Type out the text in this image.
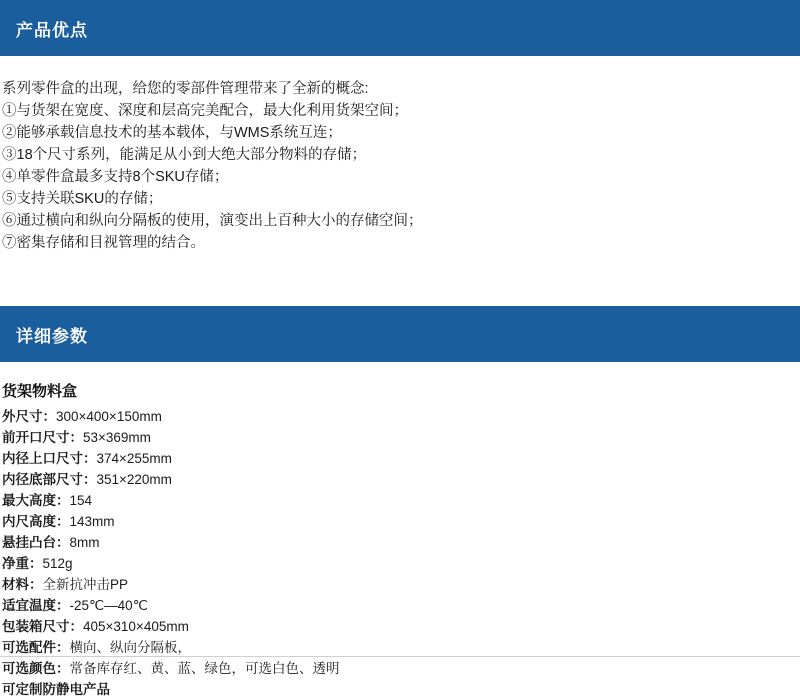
产品优点
系列零件盒的出现，给您的零部件管理带来了全新的概念:
①与货架在宽度、深度和层高完美配合，最大化利用货架空间；
②能够承载信息技术的基本载体，与WMS系统互连；
③18个尺寸系列，能满足从小到大绝大部分物料的存储；
④单零件盒最多支持8个SKU存储；
⑤支持关联SKU的存储；
⑥通过横向和纵向分隔板的使用，演变出上百种大小的存储空间；
⑦密集存储和目视管理的结合。
详细参数
货架物料盒
外尺寸：300×400×150mm
前开口尺寸：53×369mm
内径上口尺寸：374×255mm
内径底部尺寸：351×220mm
最大高度：154
内尺高度：143mm
悬挂凸台：8mm
净重：512g
材料：全新抗冲击PP
适宜温度：-25℃—40℃
包装箱尺寸：405×310×405mm
可选配件：横向、纵向分隔板，
可选颜色：常备库存红、黄、蓝、绿色，可选白色、透明
可定制防静电产品
